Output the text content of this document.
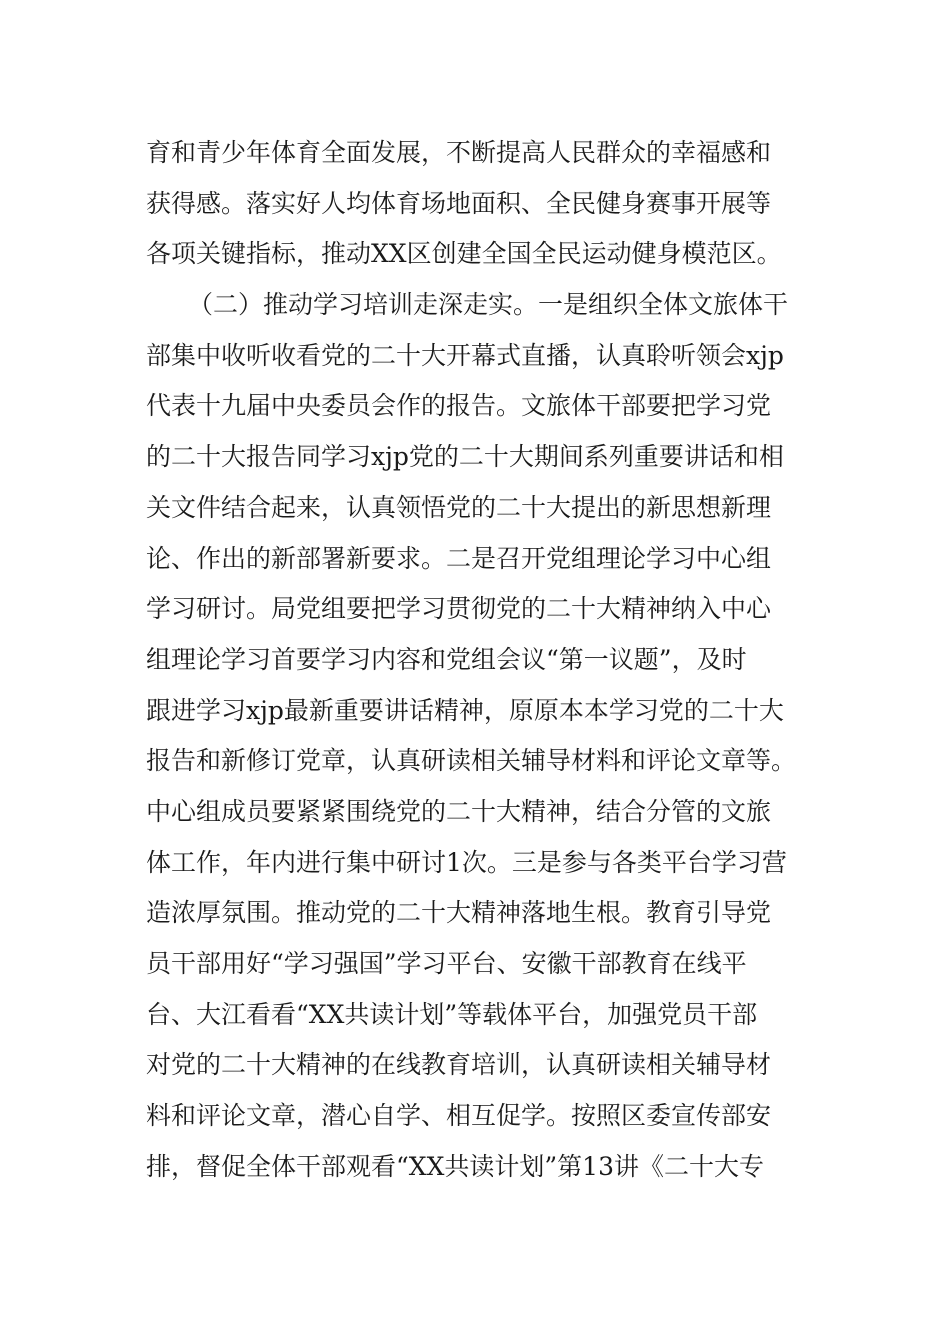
育和青少年体育全面发展，不断提高人民群众的幸福感和
获得感。落实好人均体育场地面积、全民健身赛事开展等
各项关键指标，推动XX区创建全国全民运动健身模范区。
（二）推动学习培训走深走实。一是组织全体文旅体干
部集中收听收看党的二十大开幕式直播，认真聆听领会xjp
代表十九届中央委员会作的报告。文旅体干部要把学习党
的二十大报告同学习xjp党的二十大期间系列重要讲话和相
关文件结合起来，认真领悟党的二十大提出的新思想新理
论、作出的新部署新要求。二是召开党组理论学习中心组
学习研讨。局党组要把学习贯彻党的二十大精神纳入中心
组理论学习首要学习内容和党组会议“第一议题”，及时
跟进学习xjp最新重要讲话精神，原原本本学习党的二十大
报告和新修订党章，认真研读相关辅导材料和评论文章等。
中心组成员要紧紧围绕党的二十大精神，结合分管的文旅
体工作，年内进行集中研讨1次。三是参与各类平台学习营
造浓厚氛围。推动党的二十大精神落地生根。教育引导党
员干部用好“学习强国”学习平台、安徽干部教育在线平
台、大江看看“XX共读计划”等载体平台，加强党员干部
对党的二十大精神的在线教育培训，认真研读相关辅导材
料和评论文章，潜心自学、相互促学。按照区委宣传部安
排，督促全体干部观看“XX共读计划”第13讲《二十大专
